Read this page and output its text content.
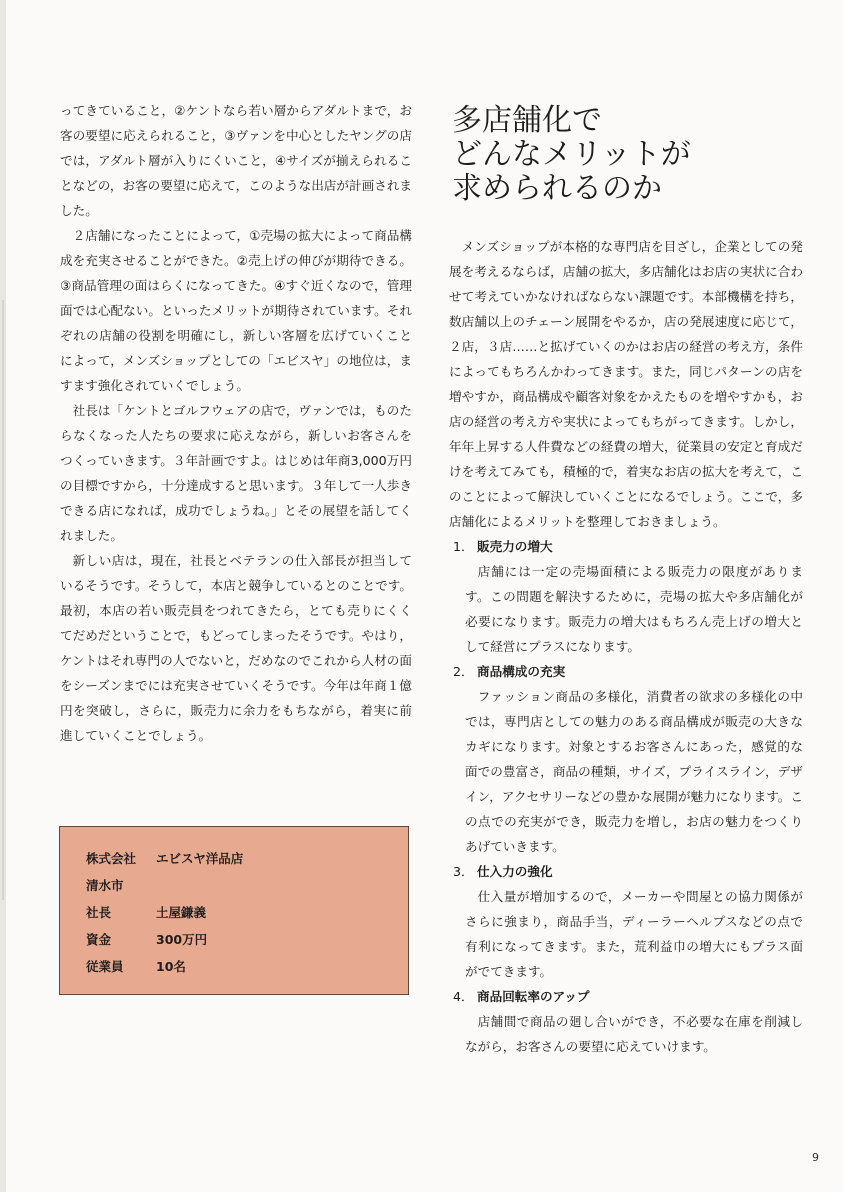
ってきていること，②ケントなら若い層からアダルトまで，お客の要望に応えられること，③ヴァンを中心としたヤングの店では，アダルト層が入りにくいこと，④サイズが揃えられることなどの，お客の要望に応えて，このような出店が計画されました。

２店舗になったことによって，①売場の拡大によって商品構成を充実させることができた。②売上げの伸びが期待できる。③商品管理の面はらくになってきた。④すぐ近くなので，管理面では心配ない。といったメリットが期待されています。それぞれの店舗の役割を明確にし，新しい客層を広げていくことによって，メンズショップとしての「エビスヤ」の地位は，ますます強化されていくでしょう。

社長は「ケントとゴルフウェアの店で，ヴァンでは，ものたらなくなった人たちの要求に応えながら，新しいお客さんをつくっていきます。３年計画ですよ。はじめは年商3,000万円の目標ですから，十分達成すると思います。３年して一人歩きできる店になれば，成功でしょうね。」とその展望を話してくれました。

新しい店は，現在，社長とベテランの仕入部長が担当しているそうです。そうして，本店と競争しているとのことです。最初，本店の若い販売員をつれてきたら，とても売りにくくてだめだということで，もどってしまったそうです。やはり，ケントはそれ専門の人でないと，だめなのでこれから人材の面をシーズンまでには充実させていくそうです。今年は年商１億円を突破し，さらに，販売力に余力をもちながら，着実に前進していくことでしょう。

株式会社	エビスヤ洋品店
清水市
社長	土屋鎌義
資金	300万円
従業員	10名
多店舗化で
どんなメリットが
求められるのか

メンズショップが本格的な専門店を目ざし，企業としての発展を考えるならば，店舗の拡大，多店舗化はお店の実状に合わせて考えていかなければならない課題です。本部機構を持ち，数店舗以上のチェーン展開をやるか，店の発展速度に応じて，２店，３店……と拡げていくのかはお店の経営の考え方，条件によってもちろんかわってきます。また，同じパターンの店を増やすか，商品構成や顧客対象をかえたものを増やすかも，お店の経営の考え方や実状によってもちがってきます。しかし，年年上昇する人件費などの経費の増大，従業員の安定と育成だけを考えてみても，積極的で，着実なお店の拡大を考えて，このことによって解決していくことになるでしょう。ここで，多店舗化によるメリットを整理しておきましょう。

1． 販売力の増大

店舗には一定の売場面積による販売力の限度があります。この問題を解決するために，売場の拡大や多店舗化が必要になります。販売力の増大はもちろん売上げの増大として経営にプラスになります。

2． 商品構成の充実

ファッション商品の多様化，消費者の欲求の多様化の中では，専門店としての魅力のある商品構成が販売の大きなカギになります。対象とするお客さんにあった，感覚的な面での豊富さ，商品の種類，サイズ，プライスライン，デザイン，アクセサリーなどの豊かな展開が魅力になります。この点での充実ができ，販売力を増し，お店の魅力をつくりあげていきます。

3． 仕入力の強化

仕入量が増加するので，メーカーや問屋との協力関係がさらに強まり，商品手当，ディーラーヘルプスなどの点で有利になってきます。また，荒利益巾の増大にもプラス面がでてきます。

4． 商品回転率のアップ

店舗間で商品の廻し合いができ，不必要な在庫を削減しながら，お客さんの要望に応えていけます。

9
